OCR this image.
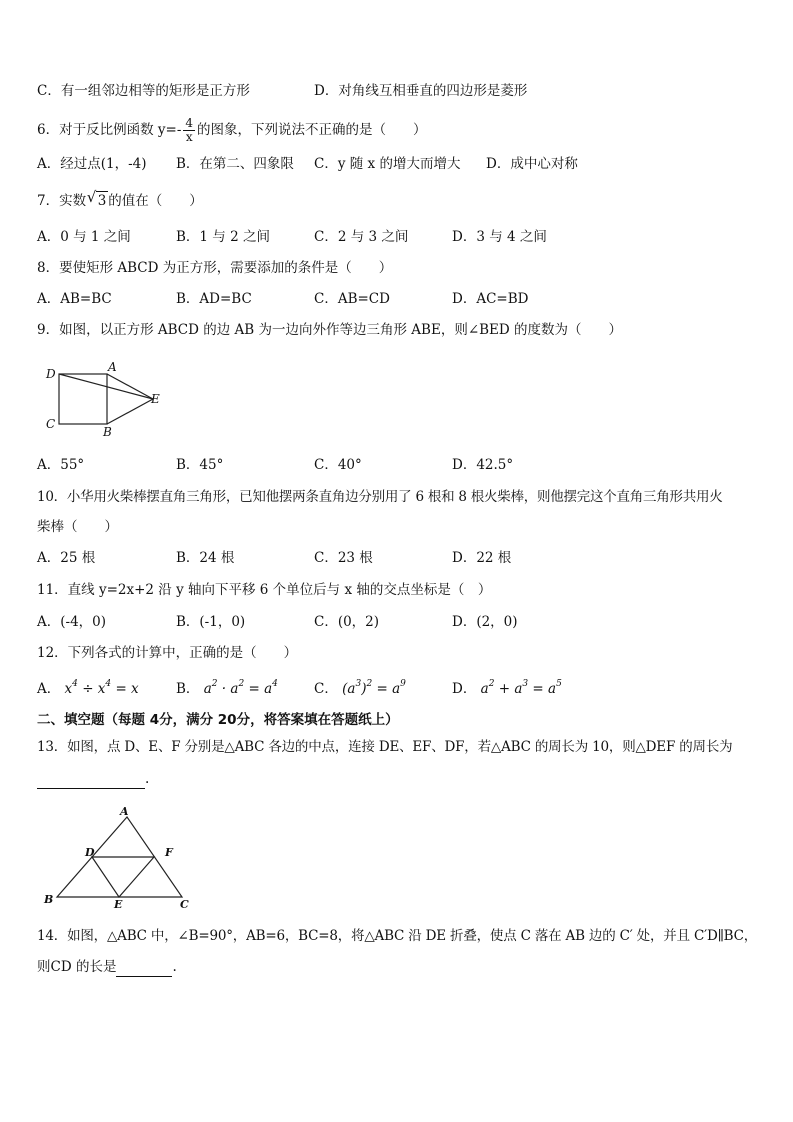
C．有一组邻边相等的矩形是正方形	D．对角线互相垂直的四边形是菱形
6．对于反比例函数 $y=- \frac{4}{x}$ 的图象，下列说法不正确的是（　　）
A．经过点(1，-4) B．在第二、四象限 C．y 随 x 的增大而增大 D．成中心对称
7．实数  √ 3 的值在（　　）
A．0 与 1 之间	B．1 与 2 之间	C．2 与 3 之间	D．3 与 4 之间
8．要使矩形 ABCD 为正方形，需要添加的条件是（　　）
A．AB=BC	B．AD=BC	C．AB=CD	D．AC=BD
9．如图，以正方形 ABCD 的边 AB 为一边向外作等边三角形 ABE，则∠BED 的度数为（　　）
D	A
E
C
B
A．55°	B．45°	C．40°	D．42.5°
10．小华用火柴棒摆直角三角形，已知他摆两条直角边分别用了 6 根和 8 根火柴棒，则他摆完这个直角三角形共用火
柴棒（　　）
A．25 根	B．24 根	C．23 根	D．22 根
11．直线 y=2x+2 沿 y 轴向下平移 6 个单位后与 x 轴的交点坐标是（　）
A．(-4，0)	B．(-1，0)	C．(0，2)	D．(2，0)
12．下列各式的计算中，正确的是（　　）
A． $x^4 \div x^4 = x$	B． $a^2 \cdot a^2 = a^4$	C． $(a^3)^2 = a^9$	D． $a^2 + a^3 = a^5$
二、填空题（每题 4分，满分 20分，将答案填在答题纸上）
13．如图，点 D、E、F 分别是△ABC 各边的中点，连接 DE、EF、DF，若△ABC 的周长为 10，则△DEF 的周长为
.
A
D	F
B	E	C
14．如图，△ABC 中，∠B=90°，AB=6，BC=8，将△ABC 沿 DE 折叠，使点 C 落在 AB 边的 C′ 处，并且 C′D∥BC，
则CD 的长是	.
